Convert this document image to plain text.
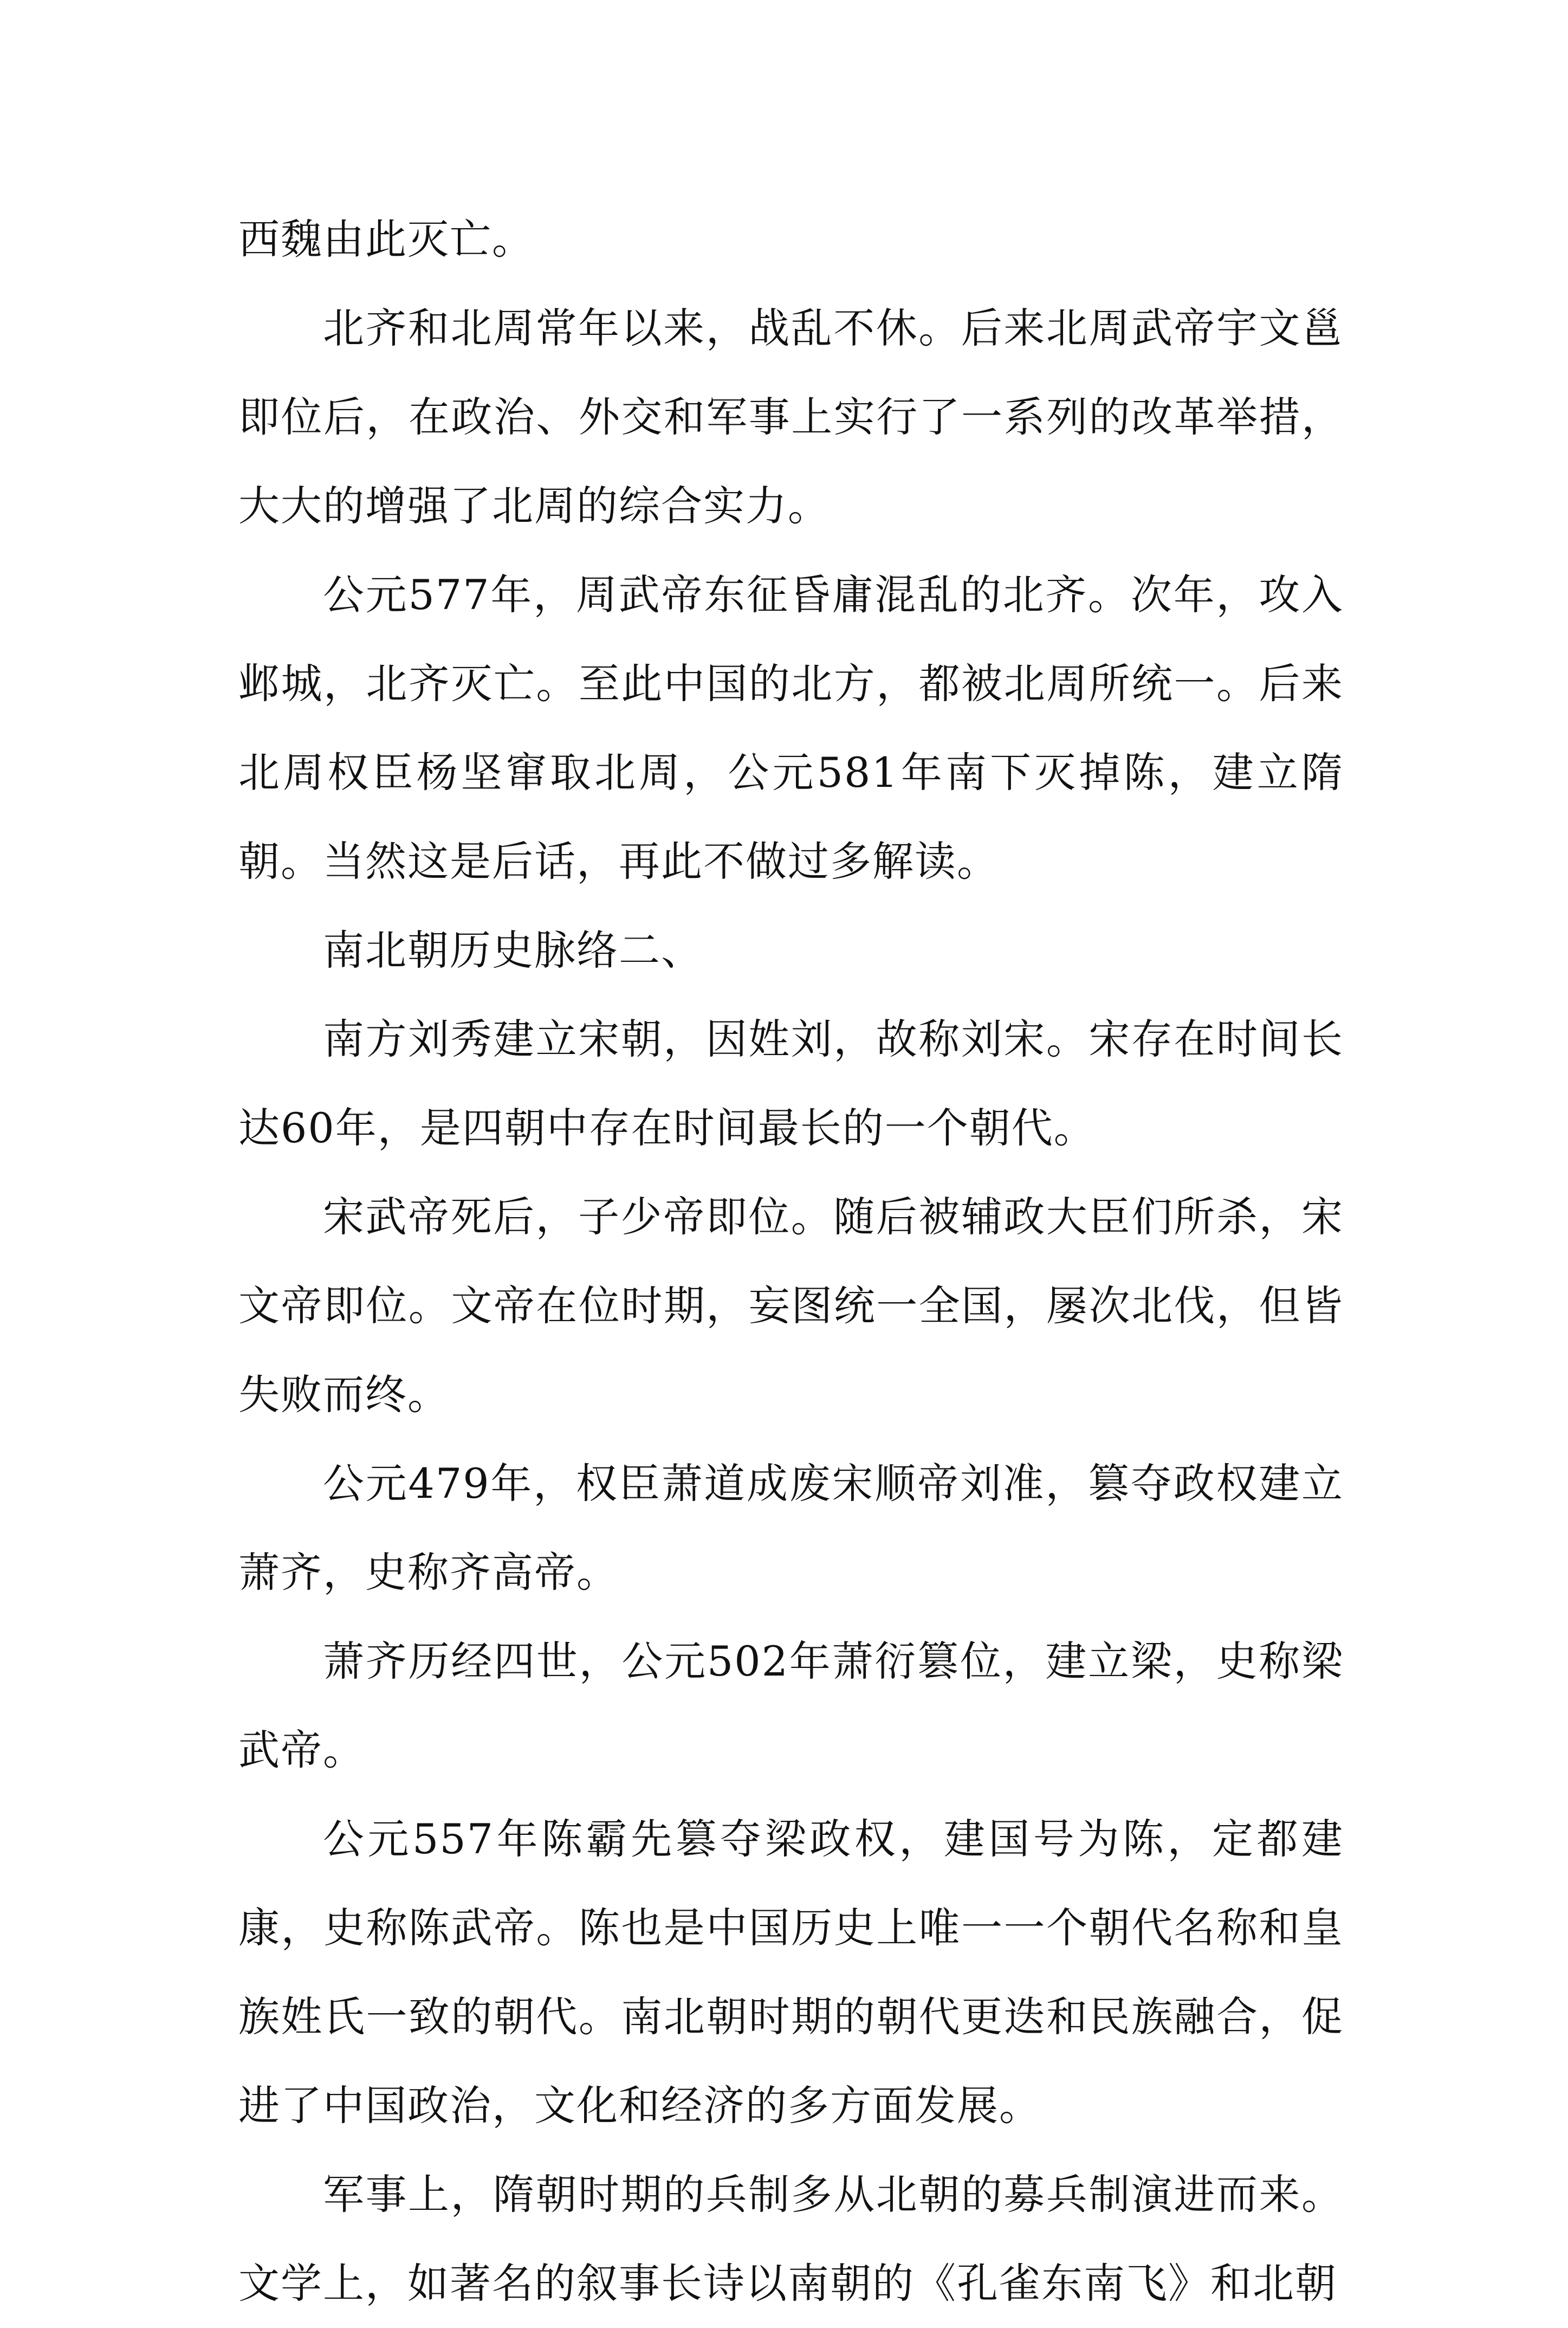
西魏由此灭亡。

北齐和北周常年以来，战乱不休。后来北周武帝宇文邕即位后，在政治、外交和军事上实行了一系列的改革举措，大大的增强了北周的综合实力。

公元577年，周武帝东征昏庸混乱的北齐。次年，攻入邺城，北齐灭亡。至此中国的北方，都被北周所统一。后来北周权臣杨坚窜取北周，公元581年南下灭掉陈，建立隋朝。当然这是后话，再此不做过多解读。

南北朝历史脉络二、

南方刘秀建立宋朝，因姓刘，故称刘宋。宋存在时间长达60年，是四朝中存在时间最长的一个朝代。

宋武帝死后，子少帝即位。随后被辅政大臣们所杀，宋文帝即位。文帝在位时期，妄图统一全国，屡次北伐，但皆失败而终。

公元479年，权臣萧道成废宋顺帝刘准，篡夺政权建立萧齐，史称齐高帝。

萧齐历经四世，公元502年萧衍篡位，建立梁，史称梁武帝。

公元557年陈霸先篡夺梁政权，建国号为陈，定都建康，史称陈武帝。陈也是中国历史上唯一一个朝代名称和皇族姓氏一致的朝代。南北朝时期的朝代更迭和民族融合，促进了中国政治，文化和经济的多方面发展。

军事上，隋朝时期的兵制多从北朝的募兵制演进而来。文学上，如著名的叙事长诗以南朝的《孔雀东南飞》和北朝
